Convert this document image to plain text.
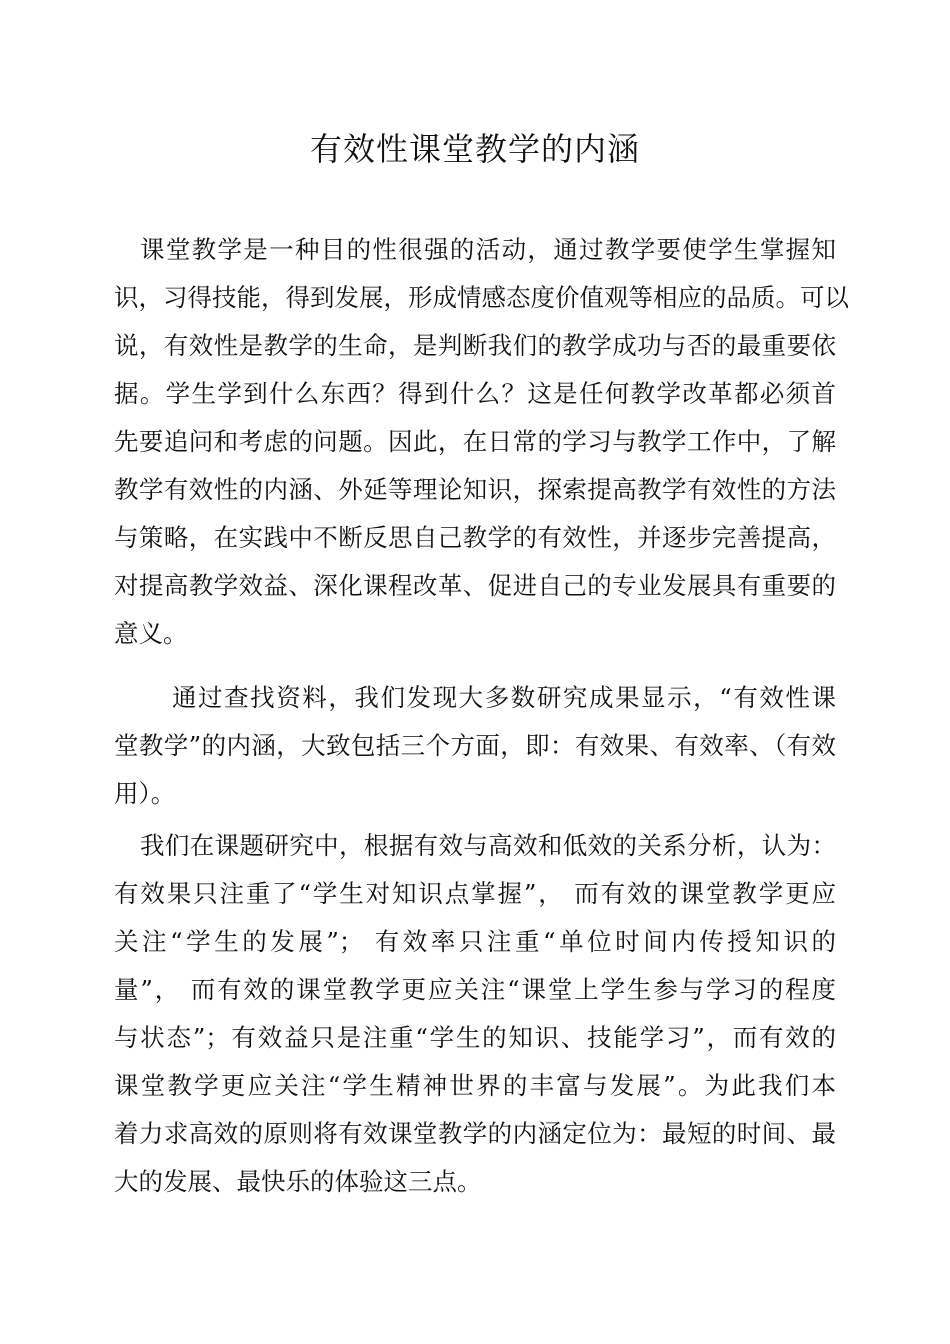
有效性课堂教学的内涵
课堂教学是一种目的性很强的活动，通过教学要使学生掌握知
识，习得技能，得到发展，形成情感态度价值观等相应的品质。可以
说，有效性是教学的生命，是判断我们的教学成功与否的最重要依
据。学生学到什么东西？得到什么？这是任何教学改革都必须首
先要追问和考虑的问题。因此，在日常的学习与教学工作中，了解
教学有效性的内涵、外延等理论知识，探索提高教学有效性的方法
与策略，在实践中不断反思自己教学的有效性，并逐步完善提高，
对提高教学效益、深化课程改革、促进自己的专业发展具有重要的
意义。
通过查找资料，我们发现大多数研究成果显示，“有效性课
堂教学”的内涵，大致包括三个方面，即：有效果、有效率、（有效
用）。
我们在课题研究中，根据有效与高效和低效的关系分析，认为：
有效果只注重了“学生对知识点掌握”， 而有效的课堂教学更应
关注“学生的发展”； 有效率只注重“单位时间内传授知识的
量”， 而有效的课堂教学更应关注“课堂上学生参与学习的程度
与状态”；有效益只是注重“学生的知识、技能学习”，而有效的
课堂教学更应关注“学生精神世界的丰富与发展”。为此我们本
着力求高效的原则将有效课堂教学的内涵定位为：最短的时间、最
大的发展、最快乐的体验这三点。
